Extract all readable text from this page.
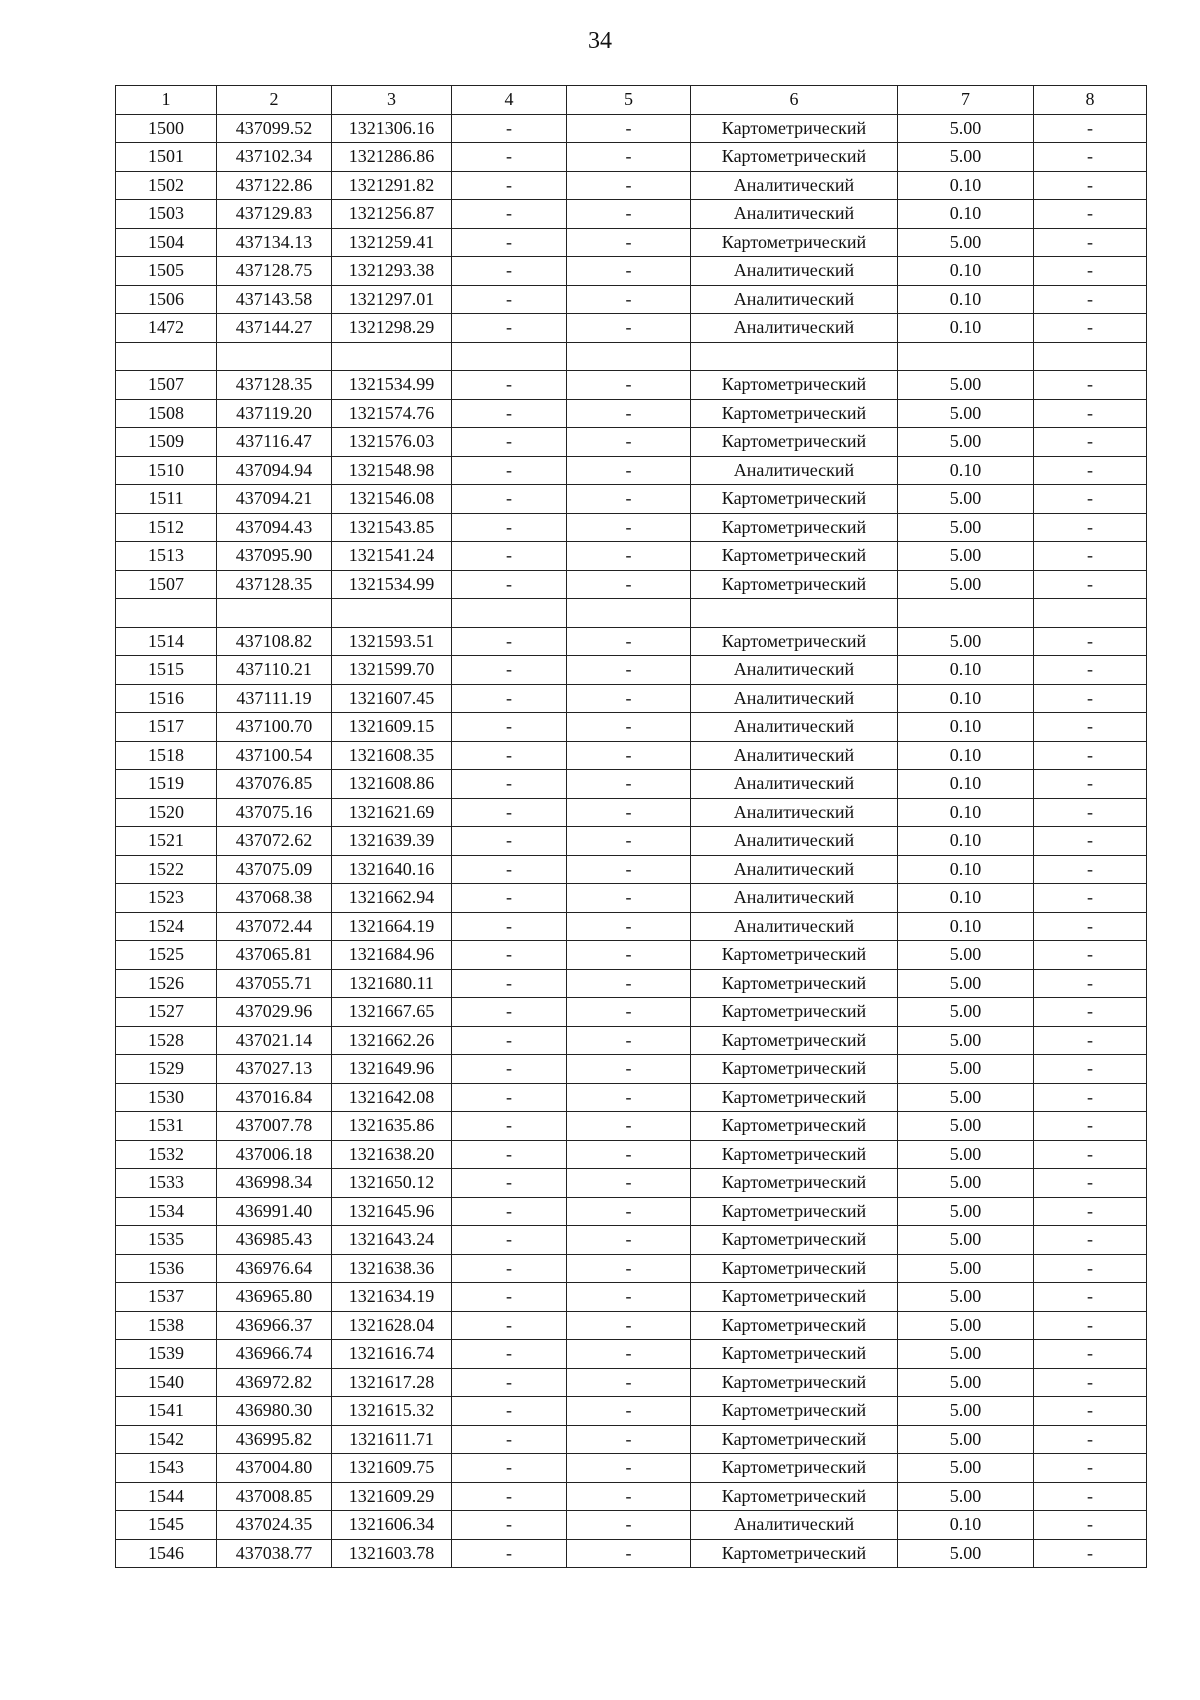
34
1	2	3	4	5	6	7	8
1500	437099.52	1321306.16	-	-	Картометрический	5.00	-
1501	437102.34	1321286.86	-	-	Картометрический	5.00	-
1502	437122.86	1321291.82	-	-	Аналитический	0.10	-
1503	437129.83	1321256.87	-	-	Аналитический	0.10	-
1504	437134.13	1321259.41	-	-	Картометрический	5.00	-
1505	437128.75	1321293.38	-	-	Аналитический	0.10	-
1506	437143.58	1321297.01	-	-	Аналитический	0.10	-
1472	437144.27	1321298.29	-	-	Аналитический	0.10	-

1507	437128.35	1321534.99	-	-	Картометрический	5.00	-
1508	437119.20	1321574.76	-	-	Картометрический	5.00	-
1509	437116.47	1321576.03	-	-	Картометрический	5.00	-
1510	437094.94	1321548.98	-	-	Аналитический	0.10	-
1511	437094.21	1321546.08	-	-	Картометрический	5.00	-
1512	437094.43	1321543.85	-	-	Картометрический	5.00	-
1513	437095.90	1321541.24	-	-	Картометрический	5.00	-
1507	437128.35	1321534.99	-	-	Картометрический	5.00	-

1514	437108.82	1321593.51	-	-	Картометрический	5.00	-
1515	437110.21	1321599.70	-	-	Аналитический	0.10	-
1516	437111.19	1321607.45	-	-	Аналитический	0.10	-
1517	437100.70	1321609.15	-	-	Аналитический	0.10	-
1518	437100.54	1321608.35	-	-	Аналитический	0.10	-
1519	437076.85	1321608.86	-	-	Аналитический	0.10	-
1520	437075.16	1321621.69	-	-	Аналитический	0.10	-
1521	437072.62	1321639.39	-	-	Аналитический	0.10	-
1522	437075.09	1321640.16	-	-	Аналитический	0.10	-
1523	437068.38	1321662.94	-	-	Аналитический	0.10	-
1524	437072.44	1321664.19	-	-	Аналитический	0.10	-
1525	437065.81	1321684.96	-	-	Картометрический	5.00	-
1526	437055.71	1321680.11	-	-	Картометрический	5.00	-
1527	437029.96	1321667.65	-	-	Картометрический	5.00	-
1528	437021.14	1321662.26	-	-	Картометрический	5.00	-
1529	437027.13	1321649.96	-	-	Картометрический	5.00	-
1530	437016.84	1321642.08	-	-	Картометрический	5.00	-
1531	437007.78	1321635.86	-	-	Картометрический	5.00	-
1532	437006.18	1321638.20	-	-	Картометрический	5.00	-
1533	436998.34	1321650.12	-	-	Картометрический	5.00	-
1534	436991.40	1321645.96	-	-	Картометрический	5.00	-
1535	436985.43	1321643.24	-	-	Картометрический	5.00	-
1536	436976.64	1321638.36	-	-	Картометрический	5.00	-
1537	436965.80	1321634.19	-	-	Картометрический	5.00	-
1538	436966.37	1321628.04	-	-	Картометрический	5.00	-
1539	436966.74	1321616.74	-	-	Картометрический	5.00	-
1540	436972.82	1321617.28	-	-	Картометрический	5.00	-
1541	436980.30	1321615.32	-	-	Картометрический	5.00	-
1542	436995.82	1321611.71	-	-	Картометрический	5.00	-
1543	437004.80	1321609.75	-	-	Картометрический	5.00	-
1544	437008.85	1321609.29	-	-	Картометрический	5.00	-
1545	437024.35	1321606.34	-	-	Аналитический	0.10	-
1546	437038.77	1321603.78	-	-	Картометрический	5.00	-
